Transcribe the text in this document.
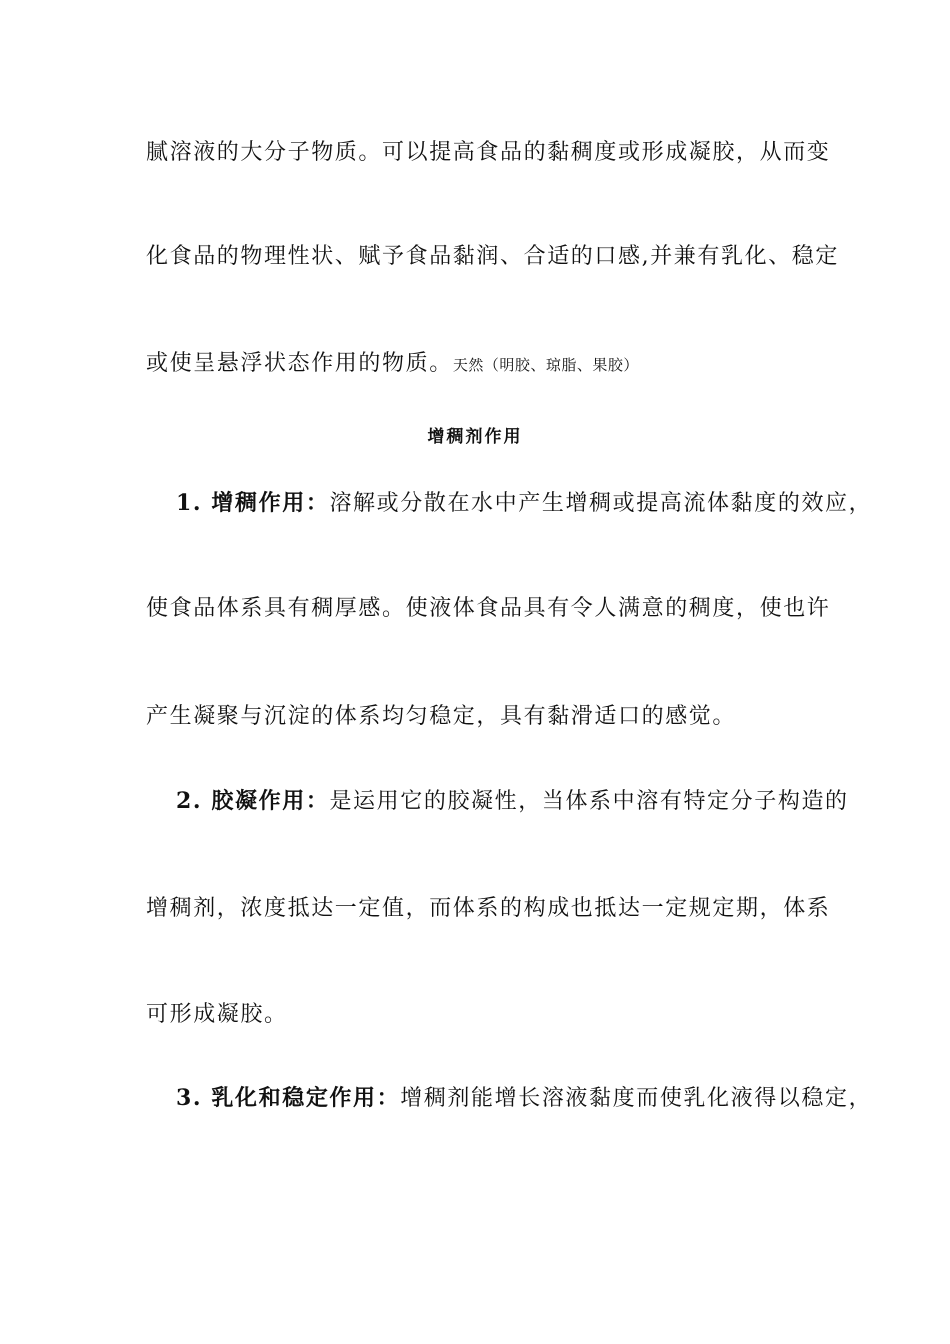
腻溶液的大分子物质。可以提高食品的黏稠度或形成凝胶，从而变
化食品的物理性状、赋予食品黏润、合适的口感,并兼有乳化、稳定
或使呈悬浮状态作用的物质。天然（明胶、琼脂、果胶）
增稠剂作用
1. 增稠作用：溶解或分散在水中产生增稠或提高流体黏度的效应，
使食品体系具有稠厚感。使液体食品具有令人满意的稠度，使也许
产生凝聚与沉淀的体系均匀稳定，具有黏滑适口的感觉。
2. 胶凝作用：是运用它的胶凝性，当体系中溶有特定分子构造的
增稠剂，浓度抵达一定值，而体系的构成也抵达一定规定期，体系
可形成凝胶。
3. 乳化和稳定作用：增稠剂能增长溶液黏度而使乳化液得以稳定，
